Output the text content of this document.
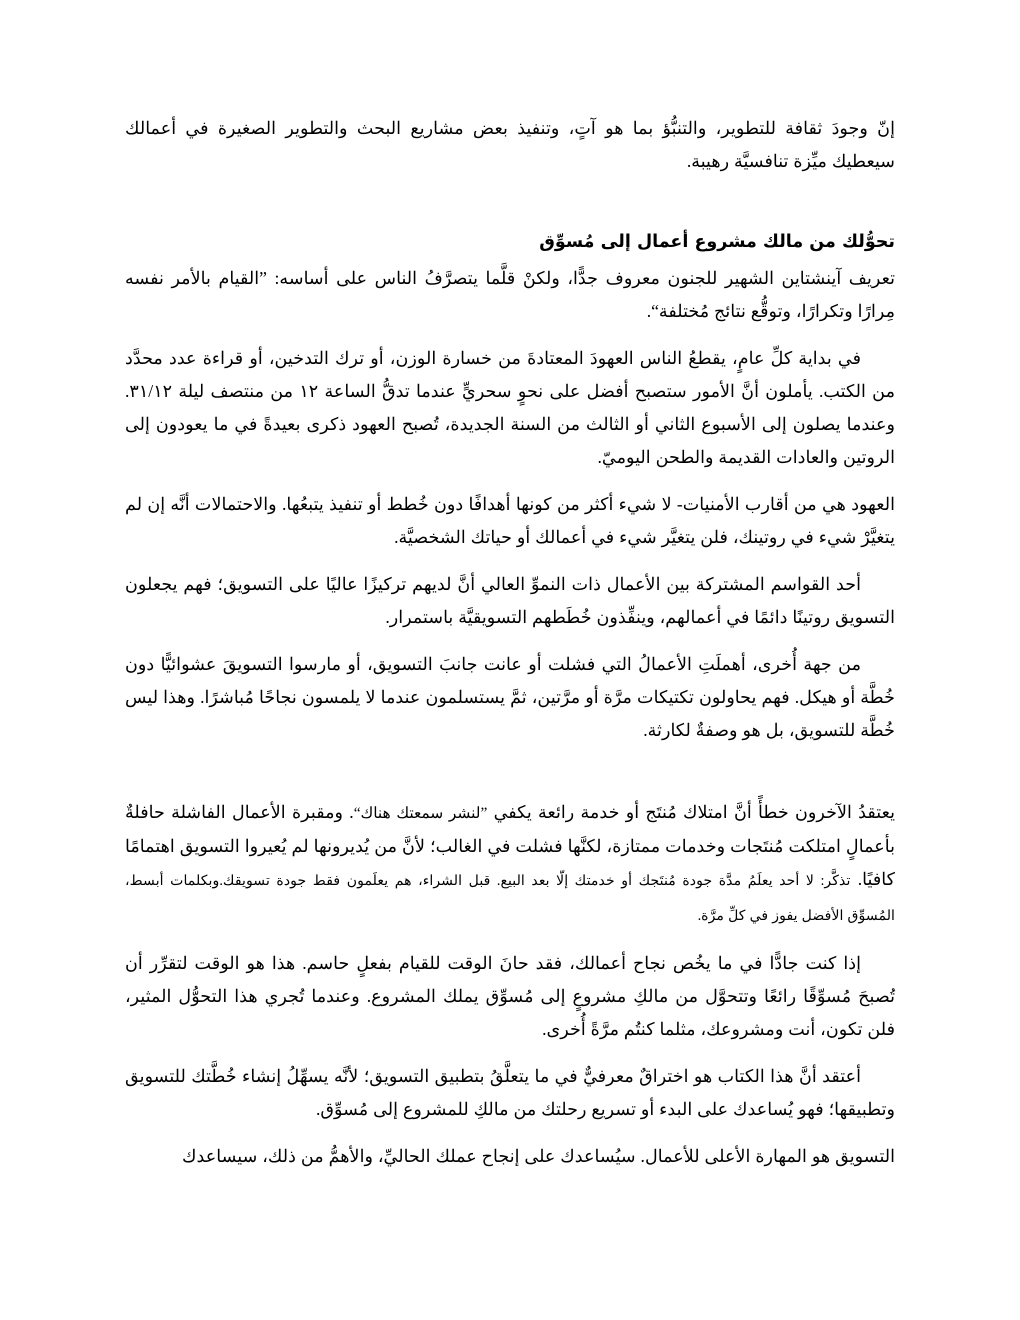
إنّ وجودَ ثقافة للتطوير، والتنبُّؤ بما هو آتٍ، وتنفيذ بعض مشاريع البحث والتطوير الصغيرة في أعمالك سيعطيك ميِّزة تنافسيَّة رهيبة.

تحوُّلك من مالك مشروع أعمال إلى مُسوِّق

تعريف آينشتاين الشهير للجنون معروف جدًّا، ولكنْ قلَّما يتصرَّفُ الناس على أساسه: ”القيام بالأمر نفسه مِرارًا وتكرارًا، وتوقُّع نتائج مُختلفة“.

في بداية كلِّ عامٍ، يقطعُ الناس العهودَ المعتادةَ من خسارة الوزن، أو ترك التدخين، أو قراءة عدد محدَّد من الكتب. يأملون أنَّ الأمور ستصبح أفضل على نحوٍ سحريٍّ عندما تدقُّ الساعة ١٢ من منتصف ليلة ٣١/١٢. وعندما يصلون إلى الأسبوع الثاني أو الثالث من السنة الجديدة، تُصبح العهود ذكرى بعيدةً في ما يعودون إلى الروتين والعادات القديمة والطحن اليوميّ.

العهود هي من أقارب الأمنيات- لا شيء أكثر من كونها أهدافًا دون خُطط أو تنفيذ يتبعُها. والاحتمالات أنَّه إن لم يتغيَّرْ شيء في روتينك، فلن يتغيَّر شيء في أعمالك أو حياتك الشخصيَّة.

أحد القواسم المشتركة بين الأعمال ذات النموِّ العالي أنَّ لديهم تركيزًا عاليًا على التسويق؛ فهم يجعلون التسويق روتينًا دائمًا في أعمالهم، وينفِّذون خُطَطهم التسويقيَّة باستمرار.

من جهة أُخرى، أهملَتِ الأعمالُ التي فشلت أو عانت جانبَ التسويق، أو مارسوا التسويقَ عشوائيًّا دون خُطَّة أو هيكل. فهم يحاولون تكتيكات مرَّة أو مرَّتين، ثمَّ يستسلمون عندما لا يلمسون نجاحًا مُباشرًا. وهذا ليس خُطَّة للتسويق، بل هو وصفةٌ لكارثة.

يعتقدُ الآخرون خطأً أنَّ امتلاك مُنتَج أو خدمة رائعة يكفي ”لنشر سمعتك هناك“. ومقبرة الأعمال الفاشلة حافلةٌ بأعمالٍ امتلكت مُنتَجات وخدمات ممتازة، لكنَّها فشلت في الغالب؛ لأنَّ من يُديرونها لم يُعيروا التسويق اهتمامًا كافيًا. تذكَّر: لا أحد يعلَمُ مدَّة جودة مُنتَجك أو خدمتك إلّا بعد البيع. قبل الشراء، هم يعلَمون فقط جودة تسويقك.وبكلمات أبسط، المُسوِّق الأفضل يفوز في كلِّ مرَّة.

إذا كنت جادًّا في ما يخُص نجاح أعمالك، فقد حانَ الوقت للقيام بفعلٍ حاسم. هذا هو الوقت لتقرِّر أن تُصبحَ مُسوِّقًا رائعًا وتتحوَّل من مالكِ مشروعٍ إلى مُسوِّق يملك المشروع. وعندما تُجري هذا التحوُّل المثير، فلن تكون، أنت ومشروعك، مثلما كنتُم مرَّةً أُخرى.

أعتقد أنَّ هذا الكتاب هو اختراقٌ معرفيٌّ في ما يتعلَّقُ بتطبيق التسويق؛ لأنَّه يسهِّلُ إنشاء خُطَّتك للتسويق وتطبيقها؛ فهو يُساعدك على البدء أو تسريع رحلتك من مالكِ للمشروع إلى مُسوِّق.

التسويق هو المهارة الأعلى للأعمال. سيُساعدك على إنجاح عملك الحاليِّ، والأهمُّ من ذلك، سيساعدك
